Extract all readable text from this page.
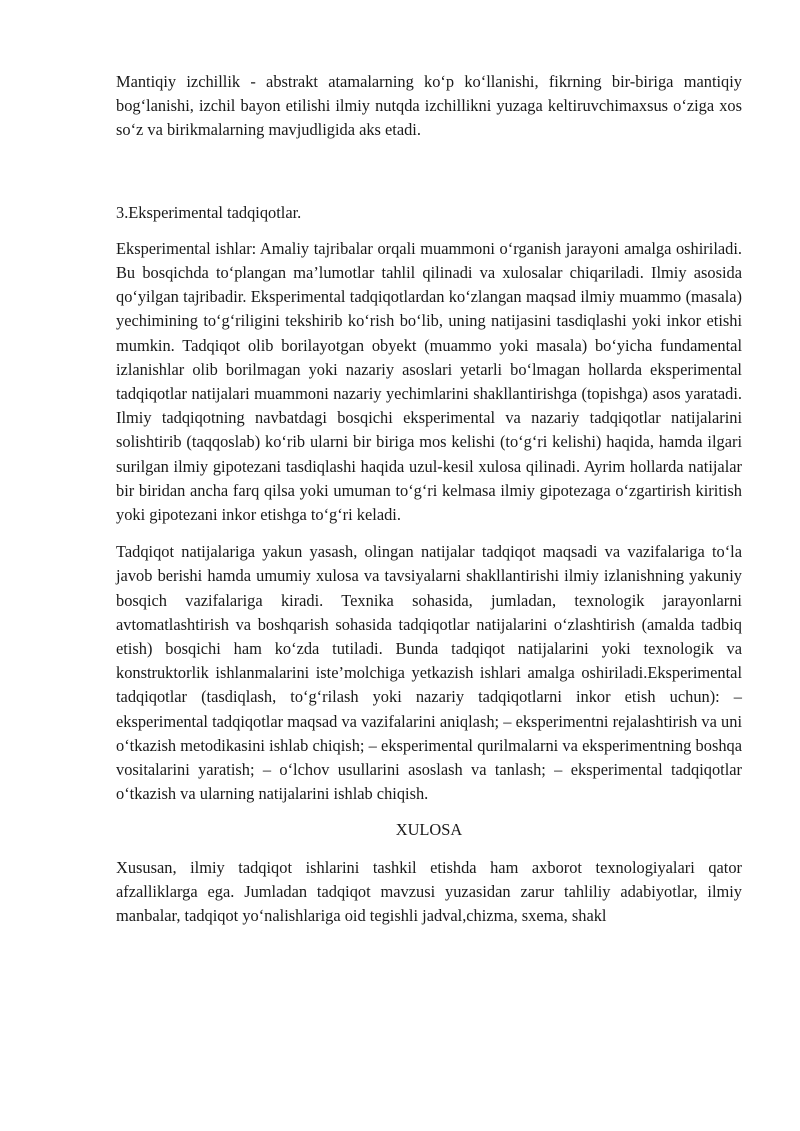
Mantiqiy izchillik - abstrakt atamalarning ko‘p ko‘llanishi, fikrning bir-biriga mantiqiy bog‘lanishi, izchil bayon etilishi ilmiy nutqda izchillikni yuzaga keltiruvchimaxsus o‘ziga xos so‘z va birikmalarning mavjudligida aks etadi.

3.Eksperimental tadqiqotlar.

Eksperimental ishlar: Amaliy tajribalar orqali muammoni o‘rganish jarayoni amalga oshiriladi. Bu bosqichda to‘plangan ma’lumotlar tahlil qilinadi va xulosalar chiqariladi. Ilmiy asosida qo‘yilgan tajribadir. Eksperimental tadqiqotlardan ko‘zlangan maqsad ilmiy muammo (masala) yechimining to‘g‘riligini tekshirib ko‘rish bo‘lib, uning natijasini tasdiqlashi yoki inkor etishi mumkin. Tadqiqot olib borilayotgan obyekt (muammo yoki masala) bo‘yicha fundamental izlanishlar olib borilmagan yoki nazariy asoslari yetarli bo‘lmagan hollarda eksperimental tadqiqotlar natijalari muammoni nazariy yechimlarini shakllantirishga (topishga) asos yaratadi. Ilmiy tadqiqotning navbatdagi bosqichi eksperimental va nazariy tadqiqotlar natijalarini solishtirib (taqqoslab) ko‘rib ularni bir biriga mos kelishi (to‘g‘ri kelishi) haqida, hamda ilgari surilgan ilmiy gipotezani tasdiqlashi haqida uzul-kesil xulosa qilinadi. Ayrim hollarda natijalar bir biridan ancha farq qilsa yoki umuman to‘g‘ri kelmasa ilmiy gipotezaga o‘zgartirish kiritish yoki gipotezani inkor etishga to‘g‘ri keladi.

Tadqiqot natijalariga yakun yasash, olingan natijalar tadqiqot maqsadi va vazifalariga to‘la javob berishi hamda umumiy xulosa va tavsiyalarni shakllantirishi ilmiy izlanishning yakuniy bosqich vazifalariga kiradi. Texnika sohasida, jumladan, texnologik jarayonlarni avtomatlashtirish va boshqarish sohasida tadqiqotlar natijalarini o‘zlashtirish (amalda tadbiq etish) bosqichi ham ko‘zda tutiladi. Bunda tadqiqot natijalarini yoki texnologik va konstruktorlik ishlanmalarini iste’molchiga yetkazish ishlari amalga oshiriladi.Eksperimental tadqiqotlar (tasdiqlash, to‘g‘rilash yoki nazariy tadqiqotlarni inkor etish uchun): – eksperimental tadqiqotlar maqsad va vazifalarini aniqlash; – eksperimentni rejalashtirish va uni o‘tkazish metodikasini ishlab chiqish; – eksperimental qurilmalarni va eksperimentning boshqa vositalarini yaratish; – o‘lchov usullarini asoslash va tanlash; – eksperimental tadqiqotlar o‘tkazish va ularning natijalarini ishlab chiqish.

XULOSA

Xususan, ilmiy tadqiqot ishlarini tashkil etishda ham axborot texnologiyalari qator afzalliklarga ega. Jumladan tadqiqot mavzusi yuzasidan zarur tahliliy adabiyotlar, ilmiy manbalar, tadqiqot yo‘nalishlariga oid tegishli jadval,chizma, sxema, shakl
